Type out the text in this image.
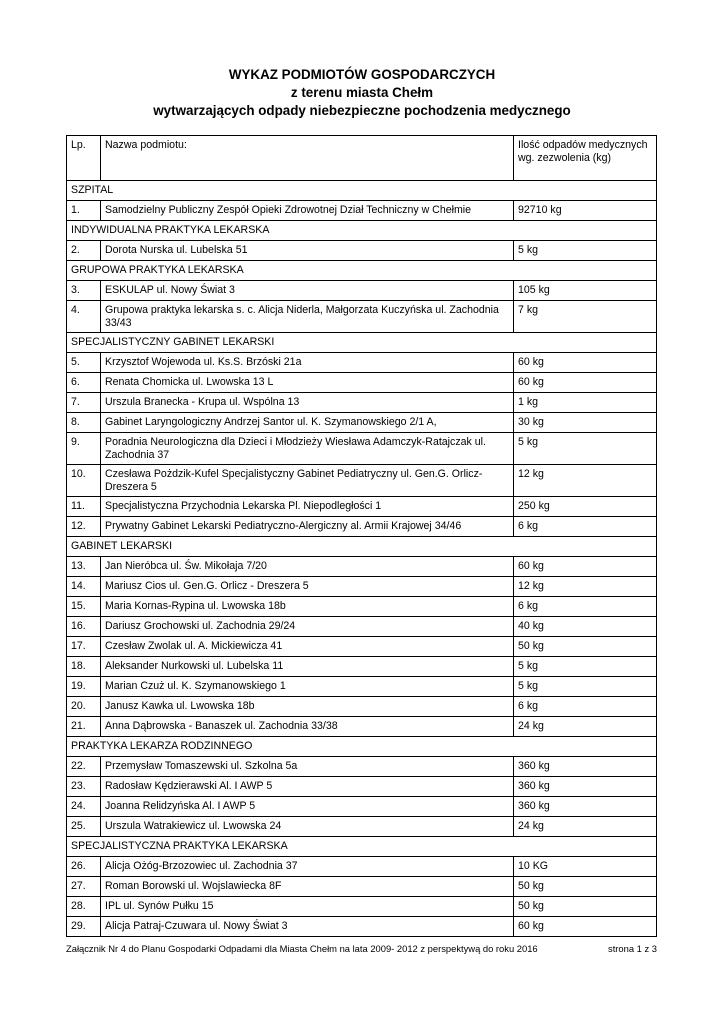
WYKAZ PODMIOTÓW GOSPODARCZYCH
z terenu miasta Chełm
wytwarzających odpady niebezpieczne pochodzenia medycznego
Lp.	Nazwa podmiotu:	Ilość odpadów medycznych wg. zezwolenia (kg)
SZPITAL		
1.	Samodzielny Publiczny Zespół Opieki Zdrowotnej Dział Techniczny w Chełmie	92710 kg
INDYWIDUALNA PRAKTYKA LEKARSKA		
2.	Dorota Nurska ul. Lubelska 51	5 kg
GRUPOWA PRAKTYKA LEKARSKA		
3.	ESKULAP ul. Nowy Świat 3	105 kg
4.	Grupowa praktyka lekarska s. c. Alicja Niderla, Małgorzata Kuczyńska ul. Zachodnia 33/43	7 kg
SPECJALISTYCZNY GABINET LEKARSKI		
5.	Krzysztof Wojewoda ul. Ks.S. Brzóski 21a	60 kg
6.	Renata Chomicka ul. Lwowska 13 L	60 kg
7.	Urszula Branecka - Krupa ul. Wspólna 13	1 kg
8.	Gabinet Laryngologiczny Andrzej Santor ul. K. Szymanowskiego 2/1 A,	30 kg
9.	Poradnia Neurologiczna dla Dzieci i Młodzieży Wiesława Adamczyk-Ratajczak ul. Zachodnia 37	5 kg
10.	Czesława Pożdzik-Kufel Specjalistyczny Gabinet Pediatryczny ul. Gen.G. Orlicz-Dreszera 5	12 kg
11.	Specjalistyczna Przychodnia Lekarska Pl. Niepodległości 1	250 kg
12.	Prywatny Gabinet Lekarski Pediatryczno-Alergiczny al. Armii Krajowej 34/46	6 kg
GABINET LEKARSKI		
13.	Jan Nieróbca ul. Św. Mikołaja 7/20	60 kg
14.	Mariusz Cios ul. Gen.G. Orlicz - Dreszera 5	12 kg
15.	Maria Kornas-Rypina ul. Lwowska 18b	6 kg
16.	Dariusz Grochowski ul. Zachodnia 29/24	40 kg
17.	Czesław Zwolak ul. A. Mickiewicza 41	50 kg
18.	Aleksander Nurkowski ul. Lubelska 11	5 kg
19.	Marian Czuż ul. K. Szymanowskiego 1	5 kg
20.	Janusz Kawka ul. Lwowska 18b	6 kg
21.	Anna Dąbrowska - Banaszek ul. Zachodnia 33/38	24 kg
PRAKTYKA LEKARZA RODZINNEGO		
22.	Przemysław Tomaszewski ul. Szkolna 5a	360 kg
23.	Radosław Kędzierawski Al. I AWP 5	360 kg
24.	Joanna Relidzyńska Al. I AWP 5	360 kg
25.	Urszula Watrakiewicz ul. Lwowska 24	24 kg
SPECJALISTYCZNA PRAKTYKA LEKARSKA		
26.	Alicja Ożóg-Brzozowiec ul. Zachodnia 37	10 KG
27.	Roman Borowski ul. Wojslawiecka 8F	50 kg
28.	IPL ul. Synów Pułku 15	50 kg
29.	Alicja Patraj-Czuwara ul. Nowy Świat 3	60 kg
Załącznik Nr 4 do Planu Gospodarki Odpadami dla Miasta Chełm na lata 2009- 2012 z perspektywą do roku 2016	strona 1 z 3
